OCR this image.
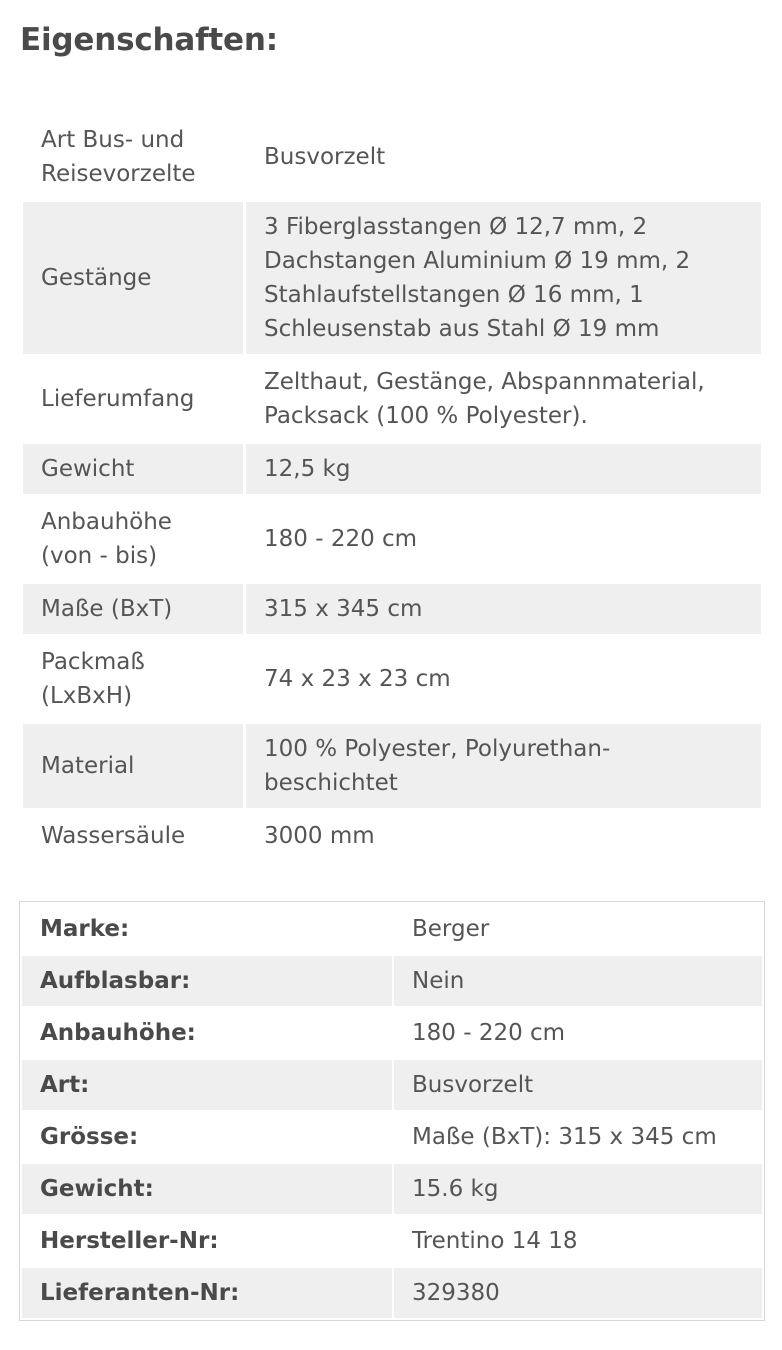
Eigenschaften:
Art Bus- und Reisevorzelte	Busvorzelt
Gestänge	3 Fiberglasstangen Ø 12,7 mm, 2 Dachstangen Aluminium Ø 19 mm, 2 Stahlaufstellstangen Ø 16 mm, 1 Schleusenstab aus Stahl Ø 19 mm
Lieferumfang	Zelthaut, Gestänge, Abspannmaterial, Packsack (100 % Polyester).
Gewicht	12,5 kg
Anbauhöhe (von - bis)	180 - 220 cm
Maße (BxT)	315 x 345 cm
Packmaß (LxBxH)	74 x 23 x 23 cm
Material	100 % Polyester, Polyurethan-beschichtet
Wassersäule	3000 mm
Marke:	Berger
Aufblasbar:	Nein
Anbauhöhe:	180 - 220 cm
Art:	Busvorzelt
Grösse:	Maße (BxT): 315 x 345 cm
Gewicht:	15.6 kg
Hersteller-Nr:	Trentino 14 18
Lieferanten-Nr:	329380
